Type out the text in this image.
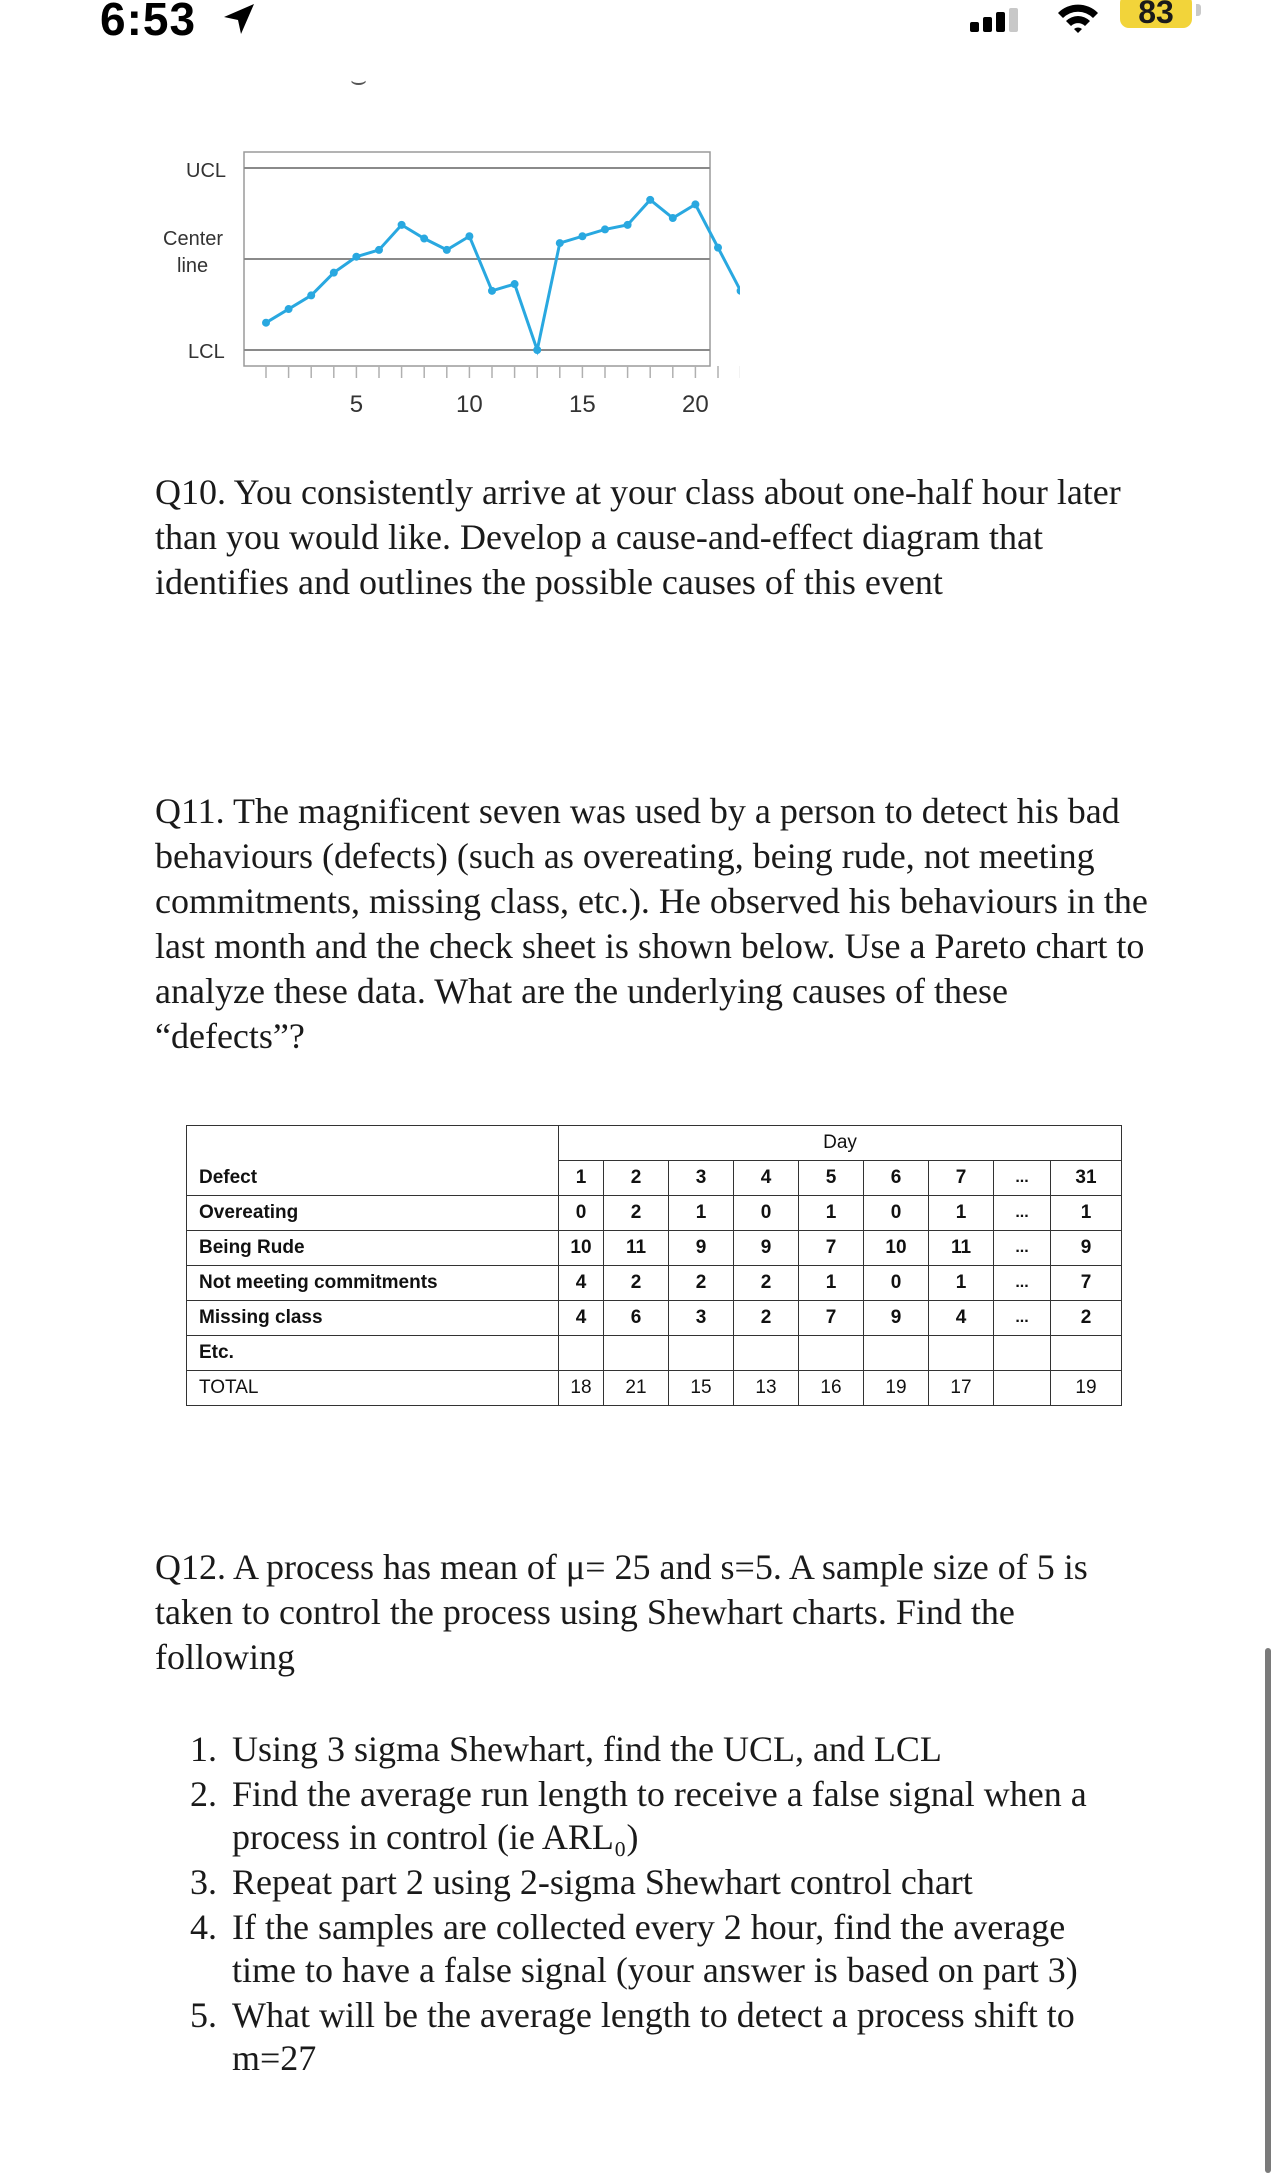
6:53	83
⌣
UCL
Center
line
LCL
5	10	15	20
Q10. You consistently arrive at your class about one-half hour later than you would like. Develop a cause-and-effect diagram that identifies and outlines the possible causes of this event
Q11. The magnificent seven was used by a person to detect his bad behaviours (defects) (such as overeating, being rude, not meeting commitments, missing class, etc.). He observed his behaviours in the last month and the check sheet is shown below. Use a Pareto chart to analyze these data. What are the underlying causes of these “defects”?
	Day								
Defect	1	2	3	4	5	6	7	...	31
Overeating	0	2	1	0	1	0	1	...	1
Being Rude	10	11	9	9	7	10	11	...	9
Not meeting commitments	4	2	2	2	1	0	1	...	7
Missing class	4	6	3	2	7	9	4	...	2
Etc.									
TOTAL	18	21	15	13	16	19	17		19
Q12. A process has mean of μ= 25 and s=5. A sample size of 5 is taken to control the process using Shewhart charts. Find the following
1. Using 3 sigma Shewhart, find the UCL, and LCL
2. Find the average run length to receive a false signal when a process in control (ie ARL₀)
3. Repeat part 2 using 2-sigma Shewhart control chart
4. If the samples are collected every 2 hour, find the average time to have a false signal (your answer is based on part 3)
5. What will be the average length to detect a process shift to m=27
